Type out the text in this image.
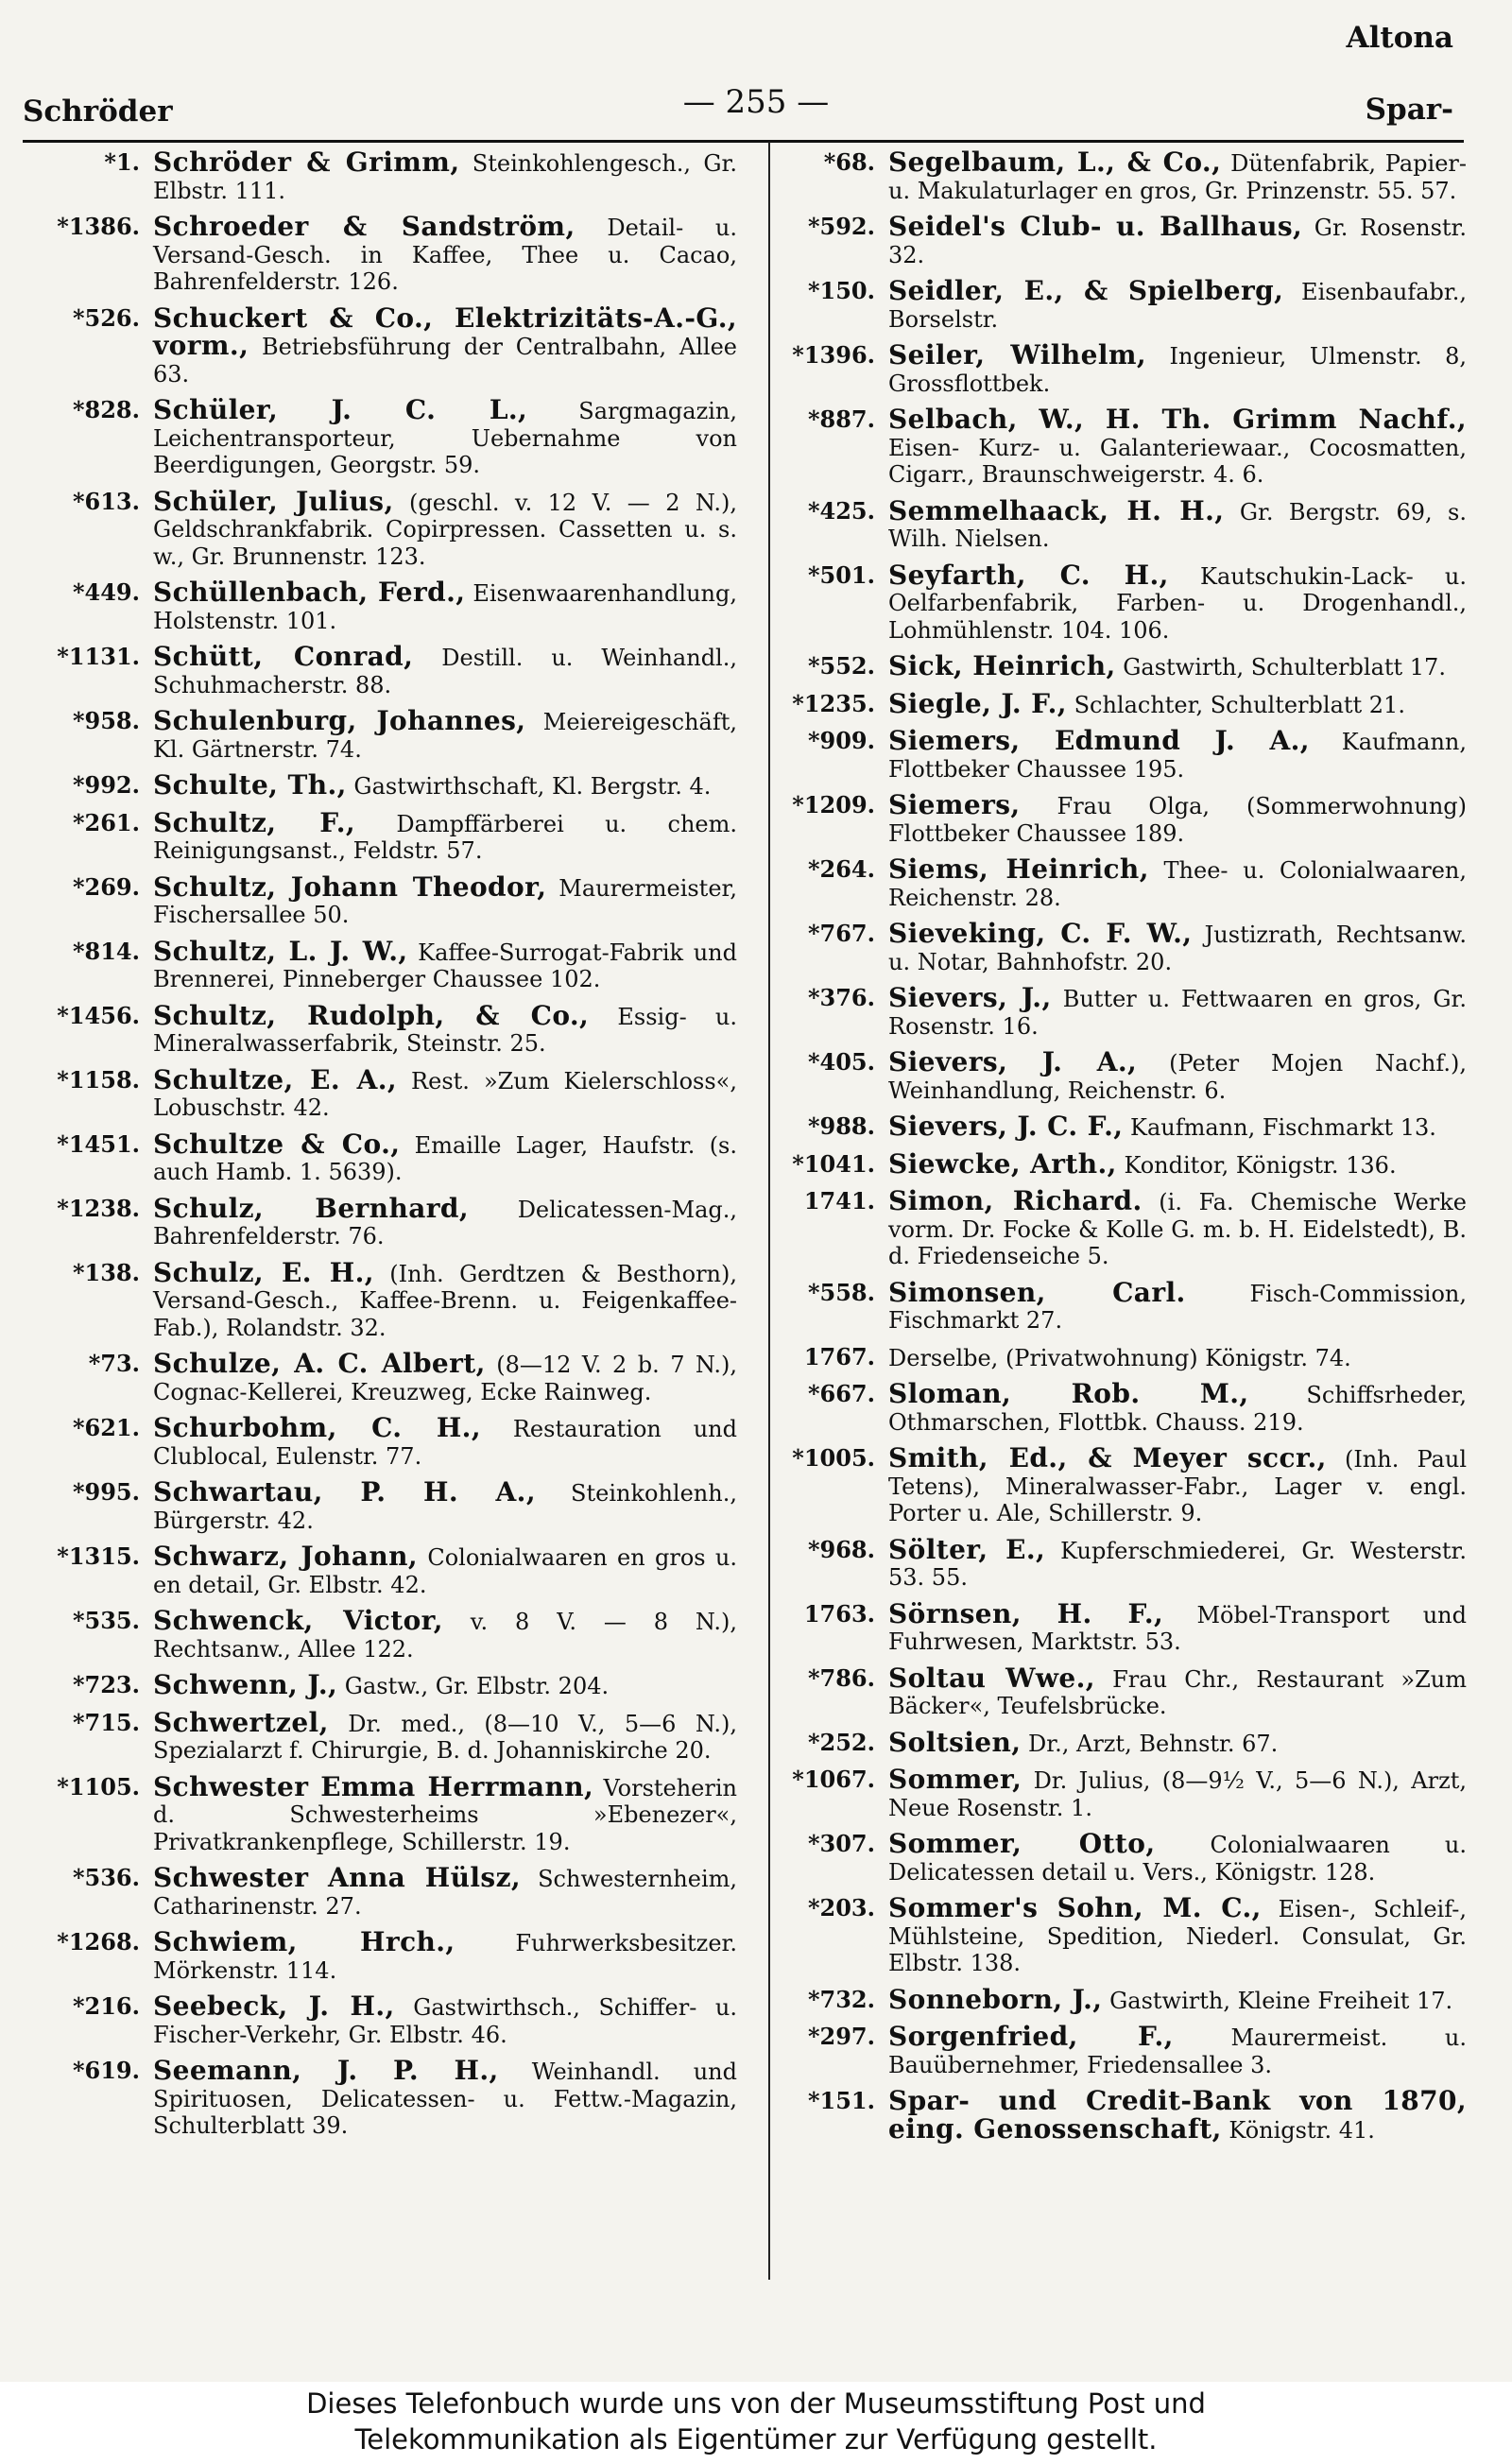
Altona
Schröder	— 255 —	Spar-
*1. Schröder & Grimm, Steinkohlengesch., Gr. Elbstr. 111.
*1386. Schroeder & Sandström, Detail- u. Versand-Gesch. in Kaffee, Thee u. Cacao, Bahrenfelderstr. 126.
*526. Schuckert & Co., Elektrizitäts-A.-G., vorm., Betriebsführung der Centralbahn, Allee 63.
*828. Schüler, J. C. L., Sargmagazin, Leichentransporteur, Uebernahme von Beerdigungen, Georgstr. 59.
*613. Schüler, Julius, (geschl. v. 12 V. — 2 N.), Geldschrankfabrik. Copirpressen. Cassetten u. s. w., Gr. Brunnenstr. 123.
*449. Schüllenbach, Ferd., Eisenwaarenhandlung, Holstenstr. 101.
*1131. Schütt, Conrad, Destill. u. Weinhandl., Schuhmacherstr. 88.
*958. Schulenburg, Johannes, Meiereigeschäft, Kl. Gärtnerstr. 74.
*992. Schulte, Th., Gastwirthschaft, Kl. Bergstr. 4.
*261. Schultz, F., Dampffärberei u. chem. Reinigungsanst., Feldstr. 57.
*269. Schultz, Johann Theodor, Maurermeister, Fischersallee 50.
*814. Schultz, L. J. W., Kaffee-Surrogat-Fabrik und Brennerei, Pinneberger Chaussee 102.
*1456. Schultz, Rudolph, & Co., Essig- u. Mineralwasserfabrik, Steinstr. 25.
*1158. Schultze, E. A., Rest. »Zum Kielerschloss«, Lobuschstr. 42.
*1451. Schultze & Co., Emaille Lager, Haufstr. (s. auch Hamb. 1. 5639).
*1238. Schulz, Bernhard, Delicatessen-Mag., Bahrenfelderstr. 76.
*138. Schulz, E. H., (Inh. Gerdtzen & Besthorn), Versand-Gesch., Kaffee-Brenn. u. Feigenkaffee-Fab.), Rolandstr. 32.
*73. Schulze, A. C. Albert, (8—12 V. 2 b. 7 N.), Cognac-Kellerei, Kreuzweg, Ecke Rainweg.
*621. Schurbohm, C. H., Restauration und Clublocal, Eulenstr. 77.
*995. Schwartau, P. H. A., Steinkohlenh., Bürgerstr. 42.
*1315. Schwarz, Johann, Colonialwaaren en gros u. en detail, Gr. Elbstr. 42.
*535. Schwenck, Victor, v. 8 V. — 8 N.), Rechtsanw., Allee 122.
*723. Schwenn, J., Gastw., Gr. Elbstr. 204.
*715. Schwertzel, Dr. med., (8—10 V., 5—6 N.), Spezialarzt f. Chirurgie, B. d. Johanniskirche 20.
*1105. Schwester Emma Herrmann, Vorsteherin d. Schwesterheims »Ebenezer«, Privatkrankenpflege, Schillerstr. 19.
*536. Schwester Anna Hülsz, Schwesternheim, Catharinenstr. 27.
*1268. Schwiem, Hrch., Fuhrwerksbesitzer. Mörkenstr. 114.
*216. Seebeck, J. H., Gastwirthsch., Schiffer- u. Fischer-Verkehr, Gr. Elbstr. 46.
*619. Seemann, J. P. H., Weinhandl. und Spirituosen, Delicatessen- u. Fettw.-Magazin, Schulterblatt 39.
*68. Segelbaum, L., & Co., Dütenfabrik, Papier- u. Makulaturlager en gros, Gr. Prinzenstr. 55. 57.
*592. Seidel's Club- u. Ballhaus, Gr. Rosenstr. 32.
*150. Seidler, E., & Spielberg, Eisenbaufabr., Borselstr.
*1396. Seiler, Wilhelm, Ingenieur, Ulmenstr. 8, Grossflottbek.
*887. Selbach, W., H. Th. Grimm Nachf., Eisen- Kurz- u. Galanteriewaar., Cocosmatten, Cigarr., Braunschweigerstr. 4. 6.
*425. Semmelhaack, H. H., Gr. Bergstr. 69, s. Wilh. Nielsen.
*501. Seyfarth, C. H., Kautschukin-Lack- u. Oelfarbenfabrik, Farben- u. Drogenhandl., Lohmühlenstr. 104. 106.
*552. Sick, Heinrich, Gastwirth, Schulterblatt 17.
*1235. Siegle, J. F., Schlachter, Schulterblatt 21.
*909. Siemers, Edmund J. A., Kaufmann, Flottbeker Chaussee 195.
*1209. Siemers, Frau Olga, (Sommerwohnung) Flottbeker Chaussee 189.
*264. Siems, Heinrich, Thee- u. Colonialwaaren, Reichenstr. 28.
*767. Sieveking, C. F. W., Justizrath, Rechtsanw. u. Notar, Bahnhofstr. 20.
*376. Sievers, J., Butter u. Fettwaaren en gros, Gr. Rosenstr. 16.
*405. Sievers, J. A., (Peter Mojen Nachf.), Weinhandlung, Reichenstr. 6.
*988. Sievers, J. C. F., Kaufmann, Fischmarkt 13.
*1041. Siewcke, Arth., Konditor, Königstr. 136.
1741. Simon, Richard. (i. Fa. Chemische Werke vorm. Dr. Focke & Kolle G. m. b. H. Eidelstedt), B. d. Friedenseiche 5.
*558. Simonsen, Carl. Fisch-Commission, Fischmarkt 27.
1767. Derselbe, (Privatwohnung) Königstr. 74.
*667. Sloman, Rob. M., Schiffsrheder, Othmarschen, Flottbk. Chauss. 219.
*1005. Smith, Ed., & Meyer sccr., (Inh. Paul Tetens), Mineralwasser-Fabr., Lager v. engl. Porter u. Ale, Schillerstr. 9.
*968. Sölter, E., Kupferschmiederei, Gr. Westerstr. 53. 55.
1763. Sörnsen, H. F., Möbel-Transport und Fuhrwesen, Marktstr. 53.
*786. Soltau Wwe., Frau Chr., Restaurant »Zum Bäcker«, Teufelsbrücke.
*252. Soltsien, Dr., Arzt, Behnstr. 67.
*1067. Sommer, Dr. Julius, (8—9½ V., 5—6 N.), Arzt, Neue Rosenstr. 1.
*307. Sommer, Otto, Colonialwaaren u. Delicatessen detail u. Vers., Königstr. 128.
*203. Sommer's Sohn, M. C., Eisen-, Schleif-, Mühlsteine, Spedition, Niederl. Consulat, Gr. Elbstr. 138.
*732. Sonneborn, J., Gastwirth, Kleine Freiheit 17.
*297. Sorgenfried, F., Maurermeist. u. Bauübernehmer, Friedensallee 3.
*151. Spar- und Credit-Bank von 1870, eing. Genossenschaft, Königstr. 41.
Dieses Telefonbuch wurde uns von der Museumsstiftung Post und
Telekommunikation als Eigentümer zur Verfügung gestellt.
